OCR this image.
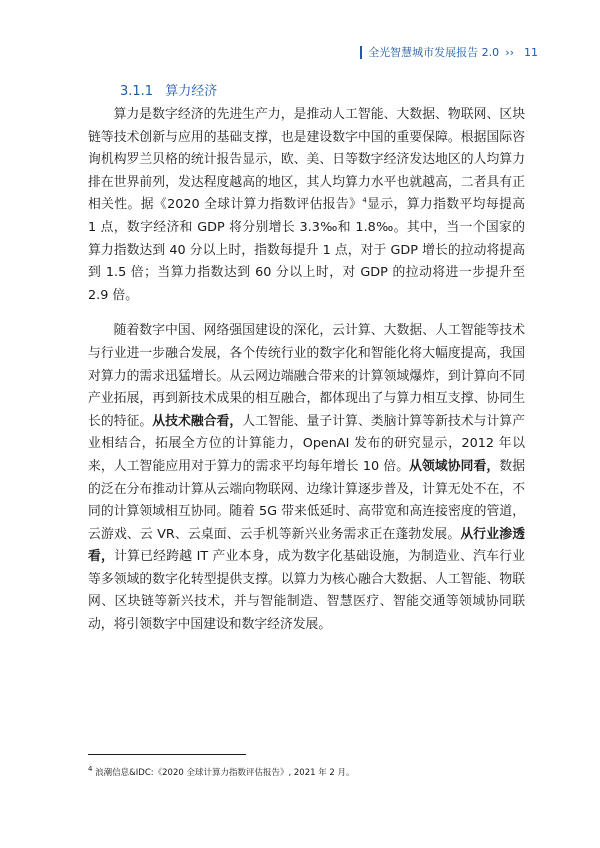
全光智慧城市发展报告 2.0 ›› 11
3.1.1 算力经济

算力是数字经济的先进生产力，是推动人工智能、大数据、物联网、区块链等技术创新与应用的基础支撑，也是建设数字中国的重要保障。根据国际咨询机构罗兰贝格的统计报告显示，欧、美、日等数字经济发达地区的人均算力排在世界前列，发达程度越高的地区，其人均算力水平也就越高，二者具有正相关性。据《2020 全球计算力指数评估报告》$^4$显示，算力指数平均每提高 1 点，数字经济和 GDP 将分别增长 3.3‰和 1.8‰。其中，当一个国家的算力指数达到 40 分以上时，指数每提升 1 点，对于 GDP 增长的拉动将提高到 1.5 倍；当算力指数达到 60 分以上时，对 GDP 的拉动将进一步提升至 2.9 倍。

随着数字中国、网络强国建设的深化，云计算、大数据、人工智能等技术与行业进一步融合发展，各个传统行业的数字化和智能化将大幅度提高，我国对算力的需求迅猛增长。从云网边端融合带来的计算领域爆炸，到计算向不同产业拓展，再到新技术成果的相互融合，都体现出了与算力相互支撑、协同生长的特征。从技术融合看，人工智能、量子计算、类脑计算等新技术与计算产业相结合，拓展全方位的计算能力，OpenAI 发布的研究显示，2012 年以来，人工智能应用对于算力的需求平均每年增长 10 倍。从领域协同看，数据的泛在分布推动计算从云端向物联网、边缘计算逐步普及，计算无处不在，不同的计算领域相互协同。随着 5G 带来低延时、高带宽和高连接密度的管道，云游戏、云 VR、云桌面、云手机等新兴业务需求正在蓬勃发展。从行业渗透看，计算已经跨越 IT 产业本身，成为数字化基础设施，为制造业、汽车行业等多领域的数字化转型提供支撑。以算力为核心融合大数据、人工智能、物联网、区块链等新兴技术，并与智能制造、智慧医疗、智能交通等领域协同联动，将引领数字中国建设和数字经济发展。

$^4$ 浪潮信息&IDC:《2020 全球计算力指数评估报告》, 2021 年 2 月。
